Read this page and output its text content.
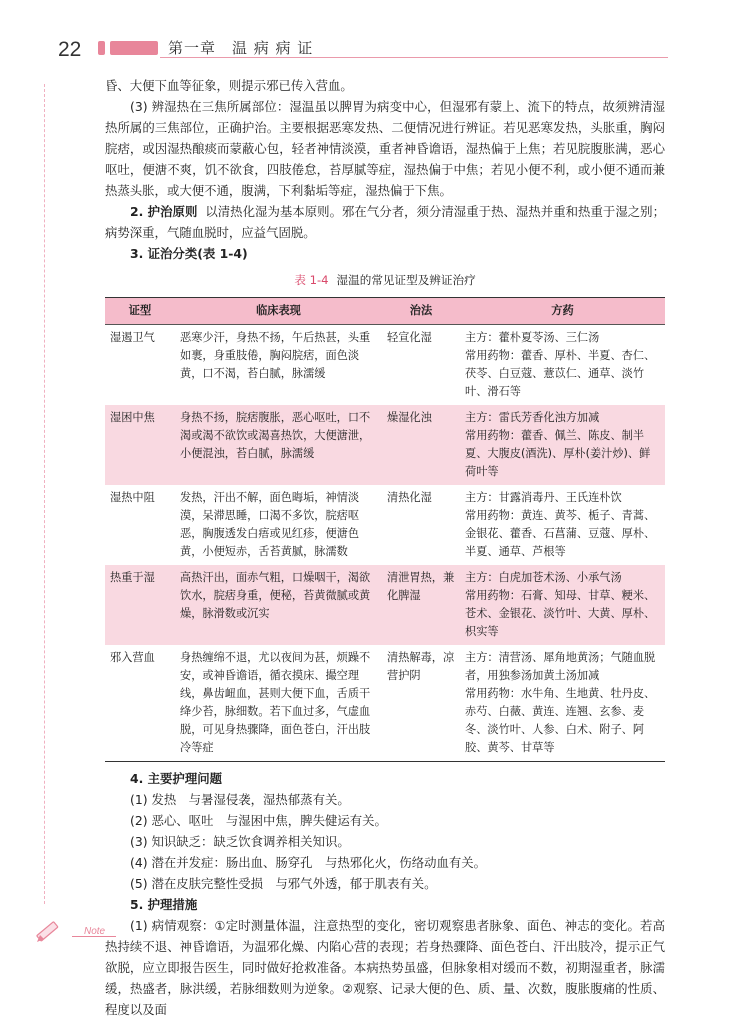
22	第一章　温 病 病 证

昏、大便下血等征象，则提示邪已传入营血。

(3) 辨湿热在三焦所属部位：湿温虽以脾胃为病变中心，但湿邪有蒙上、流下的特点，故须辨清湿热所属的三焦部位，正确护治。主要根据恶寒发热、二便情况进行辨证。若见恶寒发热，头胀重，胸闷脘痞，或因湿热酿痰而蒙蔽心包，轻者神情淡漠，重者神昏谵语，湿热偏于上焦；若见脘腹胀满，恶心呕吐，便溏不爽，饥不欲食，四肢倦怠，苔厚腻等症，湿热偏于中焦；若见小便不利，或小便不通而兼热蒸头胀，或大便不通，腹满，下利黏垢等症，湿热偏于下焦。

2. 护治原则 以清热化湿为基本原则。邪在气分者，须分清湿重于热、湿热并重和热重于湿之别；病势深重，气随血脱时，应益气固脱。

3. 证治分类(表 1-4)

表 1-4 湿温的常见证型及辨证治疗
证型	临床表现	治法	方药
湿遏卫气	恶寒少汗，身热不扬，午后热甚，头重如裹，身重肢倦，胸闷脘痞，面色淡黄，口不渴，苔白腻，脉濡缓	轻宣化湿	主方：藿朴夏苓汤、三仁汤
常用药物：藿香、厚朴、半夏、杏仁、茯苓、白豆蔻、薏苡仁、通草、淡竹叶、滑石等

湿困中焦	身热不扬，脘痞腹胀，恶心呕吐，口不渴或渴不欲饮或渴喜热饮，大便溏泄，小便混浊，苔白腻，脉濡缓	燥湿化浊	主方：雷氏芳香化浊方加减
常用药物：藿香、佩兰、陈皮、制半夏、大腹皮(酒洗)、厚朴(姜汁炒)、鲜荷叶等

湿热中阻	发热，汗出不解，面色晦垢，神情淡漠，呆滞思睡，口渴不多饮，脘痞呕恶，胸腹透发白痦或见红疹，便溏色黄，小便短赤，舌苔黄腻，脉濡数	清热化湿	主方：甘露消毒丹、王氏连朴饮
常用药物：黄连、黄芩、栀子、青蒿、金银花、藿香、石菖蒲、豆蔻、厚朴、半夏、通草、芦根等

热重于湿	高热汗出，面赤气粗，口燥咽干，渴欲饮水，脘痞身重，便秘，苔黄微腻或黄燥，脉滑数或沉实	清泄胃热，兼化脾湿	主方：白虎加苍术汤、小承气汤
常用药物：石膏、知母、甘草、粳米、苍术、金银花、淡竹叶、大黄、厚朴、枳实等

邪入营血	身热缠绵不退，尤以夜间为甚，烦躁不安，或神昏谵语，循衣摸床、撮空理线，鼻齿衄血，甚则大便下血，舌质干绛少苔，脉细数。若下血过多，气虚血脱，可见身热骤降，面色苍白，汗出肢冷等症	清热解毒，凉营护阴	主方：清营汤、犀角地黄汤；气随血脱者，用独参汤加黄土汤加减
常用药物：水牛角、生地黄、牡丹皮、赤芍、白薇、黄连、连翘、玄参、麦冬、淡竹叶、人参、白术、附子、阿胶、黄芩、甘草等

4. 主要护理问题

(1) 发热　与暑湿侵袭，湿热郁蒸有关。

(2) 恶心、呕吐　与湿困中焦，脾失健运有关。

(3) 知识缺乏：缺乏饮食调养相关知识。

(4) 潜在并发症：肠出血、肠穿孔　与热邪化火，伤络动血有关。

(5) 潜在皮肤完整性受损　与邪气外透，郁于肌表有关。

5. 护理措施

(1) 病情观察：①定时测量体温，注意热型的变化，密切观察患者脉象、面色、神志的变化。若高热持续不退、神昏谵语，为温邪化燥、内陷心营的表现；若身热骤降、面色苍白、汗出肢冷，提示正气欲脱，应立即报告医生，同时做好抢救准备。本病热势虽盛，但脉象相对缓而不数，初期湿重者，脉濡缓，热盛者，脉洪缓，若脉细数则为逆象。②观察、记录大便的色、质、量、次数，腹胀腹痛的性质、程度以及面

Note
